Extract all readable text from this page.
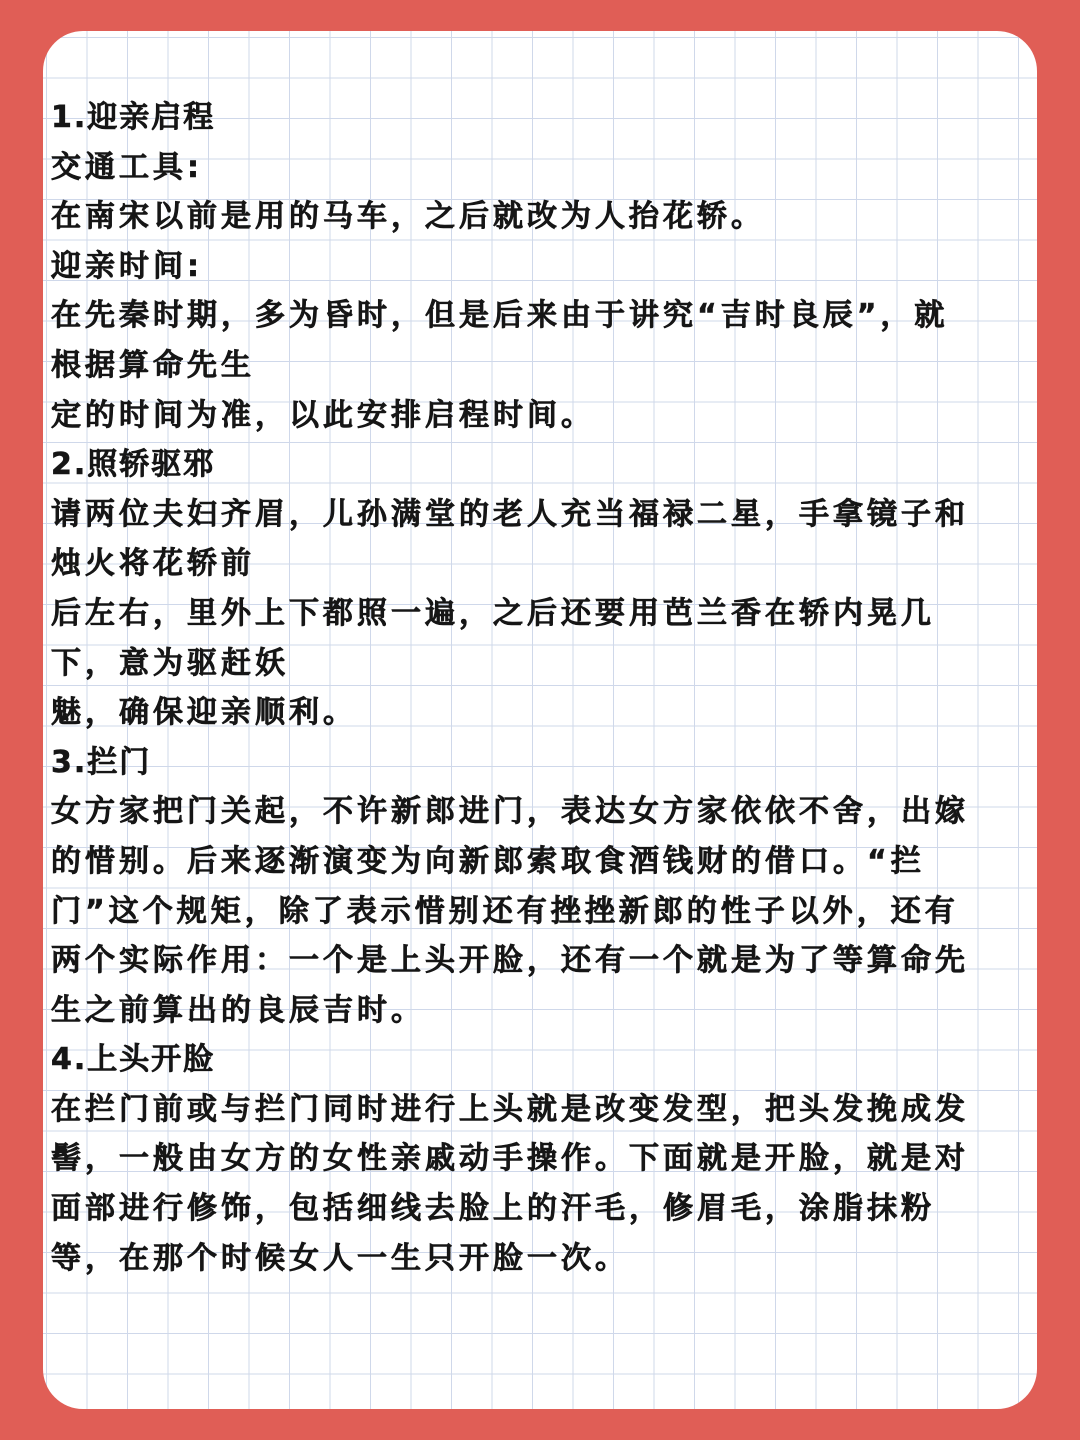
1.迎亲启程
交通工具:
在南宋以前是用的马车，之后就改为人抬花轿。
迎亲时间:
在先秦时期，多为昏时，但是后来由于讲究“吉时良辰”，就
根据算命先生
定的时间为准，以此安排启程时间。
2.照轿驱邪
请两位夫妇齐眉，儿孙满堂的老人充当福禄二星，手拿镜子和
烛火将花轿前
后左右，里外上下都照一遍，之后还要用芭兰香在轿内晃几
下，意为驱赶妖
魅，确保迎亲顺利。
3.拦门
女方家把门关起，不许新郎进门，表达女方家依依不舍，出嫁
的惜别。后来逐渐演变为向新郎索取食酒钱财的借口。“拦
门”这个规矩，除了表示惜别还有挫挫新郎的性子以外，还有
两个实际作用：一个是上头开脸，还有一个就是为了等算命先
生之前算出的良辰吉时。
4.上头开脸
在拦门前或与拦门同时进行上头就是改变发型，把头发挽成发
髻，一般由女方的女性亲戚动手操作。下面就是开脸，就是对
面部进行修饰，包括细线去脸上的汗毛，修眉毛，涂脂抹粉
等，在那个时候女人一生只开脸一次。
